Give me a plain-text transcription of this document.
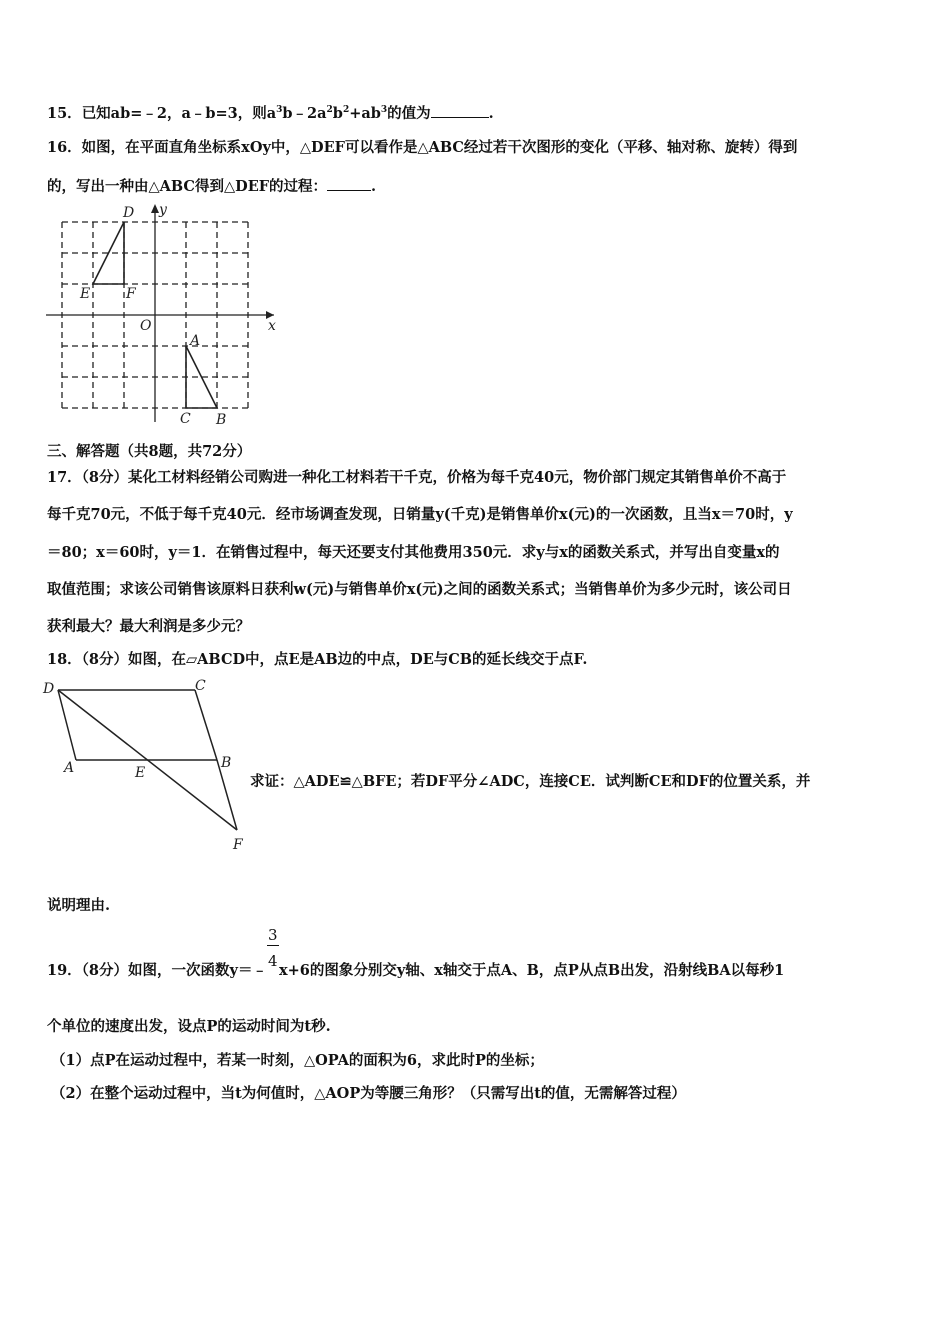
15．已知ab=﹣2，a﹣b=3，则$a^3b﹣2a^2b^2+ab^3$的值为	.
16．如图，在平面直角坐标系xOy中，△DEF可以看作是△ABC经过若干次图形的变化（平移、轴对称、旋转）得到
的，写出一种由△ABC得到△DEF的过程：	.
D
E	F
O	x
y
A
C B
三、解答题（共8题，共72分）
17．（8分）某化工材料经销公司购进一种化工材料若干千克，价格为每千克40元，物价部门规定其销售单价不高于
每千克70元，不低于每千克40元．经市场调查发现，日销量y(千克)是销售单价x(元)的一次函数，且当x＝70时，y
＝80；x＝60时，y＝1．在销售过程中，每天还要支付其他费用350元．求y与x的函数关系式，并写出自变量x的
取值范围；求该公司销售该原料日获利w(元)与销售单价x(元)之间的函数关系式；当销售单价为多少元时，该公司日
获利最大？最大利润是多少元？
18．（8分）如图，在▱ABCD中，点E是AB边的中点，DE与CB的延长线交于点F.
D	C
A	E
B
F
求证：△ADE≌△BFE；若DF平分∠ADC，连接CE．试判断CE和DF的位置关系，并
说明理由.
19．（8分）如图，一次函数y＝﹣ $\frac{3}{4} x+6$的图象分别交y轴、x轴交于点A、B，点P从点B出发，沿射线BA以每秒1
个单位的速度出发，设点P的运动时间为t秒.
（1）点P在运动过程中，若某一时刻，△OPA的面积为6，求此时P的坐标；
（2）在整个运动过程中，当t为何值时，△AOP为等腰三角形？（只需写出t的值，无需解答过程）
